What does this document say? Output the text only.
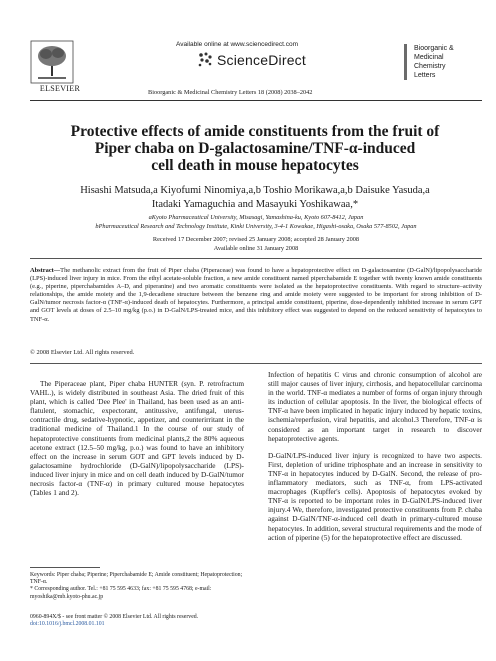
ELSEVIER
Available online at www.sciencedirect.com
ScienceDirect
Bioorganic & Medicinal Chemistry Letters 18 (2008) 2038–2042
Bioorganic &
Medicinal
Chemistry
Letters
Protective effects of amide constituents from the fruit of
Piper chaba on D-galactosamine/TNF-α-induced
cell death in mouse hepatocytes
Hisashi Matsuda,a Kiyofumi Ninomiya,a,b Toshio Morikawa,a,b Daisuke Yasuda,a
Itadaki Yamaguchia and Masayuki Yoshikawaa,*
aKyoto Pharmaceutical University, Misasagi, Yamashina-ku, Kyoto 607-8412, Japan
bPharmaceutical Research and Technology Institute, Kinki University, 3-4-1 Kowakae, Higashi-osaka, Osaka 577-8502, Japan
Received 17 December 2007; revised 25 January 2008; accepted 28 January 2008
Available online 31 January 2008
Abstract—The methanolic extract from the fruit of Piper chaba (Piperaceae) was found to have a hepatoprotective effect on D-galactosamine (D-GalN)/lipopolysaccharide (LPS)-induced liver injury in mice. From the ethyl acetate-soluble fraction, a new amide constituent named piperchabamide E together with twenty known amide constituents (e.g., piperine, piperchabamides A–D, and piperanine) and two aromatic constituents were isolated as the hepatoprotective constituents. With regard to structure–activity relationships, the amide moiety and the 1,9-decadiene structure between the benzene ring and amide moiety were suggested to be important for strong inhibition of D-GalN/tumor necrosis factor-α (TNF-α)-induced death of hepatocytes. Furthermore, a principal amide constituent, piperine, dose-dependently inhibited increase in serum GPT and GOT levels at doses of 2.5–10 mg/kg (p.o.) in D-GalN/LPS-treated mice, and this inhibitory effect was suggested to depend on the reduced sensitivity of hepatocytes to TNF-α.
© 2008 Elsevier Ltd. All rights reserved.

The Piperaceae plant, Piper chaba HUNTER (syn. P. retrofractum VAHL.), is widely distributed in southeast Asia. The dried fruit of this plant, which is called 'Dee Plee' in Thailand, has been used as an anti-flatulent, stomachic, expectorant, antitussive, antifungal, uterus-contractile drug, sedative-hypnotic, appetizer, and counterirritant in the traditional medicine of Thailand.1 In the course of our study of hepatoprotective constituents from medicinal plants,2 the 80% aqueous acetone extract (12.5–50 mg/kg, p.o.) was found to have an inhibitory effect on the increase in serum GOT and GPT levels induced by D-galactosamine hydrochloride (D-GalN)/lipopolysaccharide (LPS)-induced liver injury in mice and on cell death induced by D-GalN/tumor necrosis factor-α (TNF-α) in primary cultured mouse hepatocytes (Tables 1 and 2).

Infection of hepatitis C virus and chronic consumption of alcohol are still major causes of liver injury, cirrhosis, and hepatocellular carcinoma in the world. TNF-α mediates a number of forms of organ injury through its induction of cellular apoptosis. In the liver, the biological effects of TNF-α have been implicated in hepatic injury induced by hepatic toxins, ischemia/reperfusion, viral hepatitis, and alcohol.3 Therefore, TNF-α is considered as an important target in research to discover hepatoprotective agents.

D-GalN/LPS-induced liver injury is recognized to have two aspects. First, depletion of uridine triphosphate and an increase in sensitivity to TNF-α in hepatocytes induced by D-GalN. Second, the release of pro-inflammatory mediators, such as TNF-α, from LPS-activated macrophages (Kupffer's cells). Apoptosis of hepatocytes evoked by TNF-α is reported to be important roles in D-GalN/LPS-induced liver injury.4 We, therefore, investigated protective constituents from P. chaba against D-GalN/TNF-α-induced cell death in primary-cultured mouse hepatocytes. In addition, several structural requirements and the mode of action of piperine (5) for the hepatoprotective effect are discussed.

Keywords: Piper chaba; Piperine; Piperchabamide E; Amide constituent; Hepatoprotection; TNF-α.
* Corresponding author. Tel.: +81 75 595 4633; fax: +81 75 595 4768; e-mail: myoshika@mb.kyoto-phu.ac.jp
0960-894X/$ - see front matter © 2008 Elsevier Ltd. All rights reserved.
doi:10.1016/j.bmcl.2008.01.101
